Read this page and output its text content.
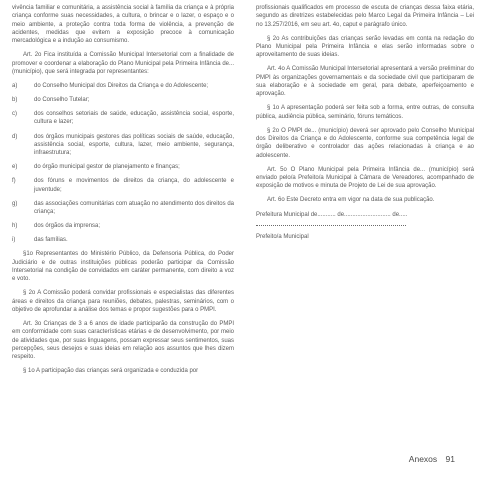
vivência familiar e comunitária, a assistência social à família da criança e à própria criança conforme suas necessidades, a cultura, o brincar e o lazer, o espaço e o meio ambiente, a proteção contra toda forma de violência, a prevenção de acidentes, medidas que evitem a exposição precoce à comunicação mercadológica e a indução ao consumismo.

Art. 2o Fica instituída a Comissão Municipal Intersetorial com a finalidade de promover e coordenar a elaboração do Plano Municipal pela Primeira Infância de... (município), que será integrada por representantes:

a)	do Conselho Municipal dos Direitos da Criança e do Adolescente;
b)	do Conselho Tutelar;
c)	dos conselhos setoriais de saúde, educação, assistência social, esporte, cultura e lazer;
d)	dos órgãos municipais gestores das políticas sociais de saúde, educação, assistência social, esporte, cultura, lazer, meio ambiente, segurança, infraestrutura;
e)	do órgão municipal gestor de planejamento e finanças;
f)	dos fóruns e movimentos de direitos da criança, do adolescente e juventude;
g)	das associações comunitárias com atuação no atendimento dos direitos da criança;
h)	dos órgãos da imprensa;
i)	das famílias.

§1o Representantes do Ministério Público, da Defensoria Pública, do Poder Judiciário e de outras instituições públicas poderão participar da Comissão Intersetorial na condição de convidados em caráter permanente, com direito a voz e voto.

§ 2o A Comissão poderá convidar profissionais e especialistas das diferentes áreas e direitos da criança para reuniões, debates, palestras, seminários, com o objetivo de aprofundar a análise dos temas e propor sugestões para o PMPI.

Art. 3o Crianças de 3 a 6 anos de idade participarão da construção do PMPI em conformidade com suas características etárias e de desenvolvimento, por meio de atividades que, por suas linguagens, possam expressar seus sentimentos, suas percepções, seus desejos e suas ideias em relação aos assuntos que lhes dizem respeito.

§ 1o A participação das crianças será organizada e conduzida por

profissionais qualificados em processo de escuta de crianças dessa faixa etária, segundo as diretrizes estabelecidas pelo Marco Legal da Primeira Infância – Lei no 13.257/2016, em seu art. 4o, caput e parágrafo único.

§ 2o As contribuições das crianças serão levadas em conta na redação do Plano Municipal pela Primeira Infância e elas serão informadas sobre o aproveitamento de suas ideias.

Art. 4o A Comissão Municipal Intersetorial apresentará a versão preliminar do PMPI às organizações governamentais e da sociedade civil que participaram de sua elaboração e à sociedade em geral, para debate, aperfeiçoamento e aprovação.

§ 1o A apresentação poderá ser feita sob a forma, entre outras, de consulta pública, audiência pública, seminário, fóruns temáticos.

§ 2o O PMPI de... (município) deverá ser aprovado pelo Conselho Municipal dos Direitos da Criança e do Adolescente, conforme sua competência legal de órgão deliberativo e controlador das ações relacionadas à criança e ao adolescente.

Art. 5o O Plano Municipal pela Primeira Infância de... (município) será enviado pelo/a Prefeito/a Municipal à Câmara de Vereadores, acompanhado de exposição de motivos e minuta de Projeto de Lei de sua aprovação.

Art. 6o Este Decreto entra em vigor na data de sua publicação.

Prefeitura Municipal de........... de............................ de.....

Prefeito/a Municipal

Anexos 91
